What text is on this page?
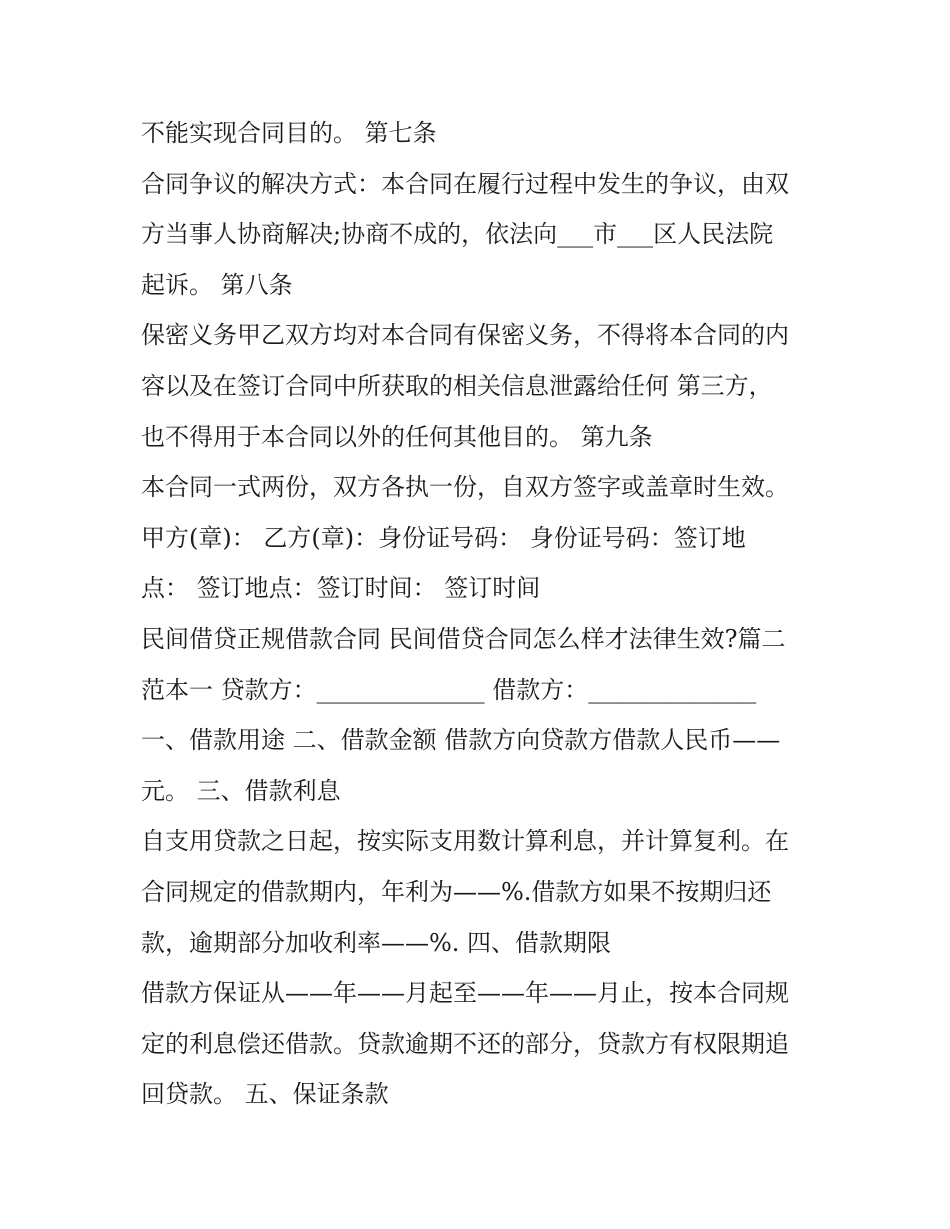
不能实现合同目的。 第七条
合同争议的解决方式：本合同在履行过程中发生的争议，由双
方当事人协商解决;协商不成的，依法向___市___区人民法院
起诉。 第八条
保密义务甲乙双方均对本合同有保密义务，不得将本合同的内
容以及在签订合同中所获取的相关信息泄露给任何 第三方，
也不得用于本合同以外的任何其他目的。 第九条
本合同一式两份，双方各执一份，自双方签字或盖章时生效。
甲方(章)： 乙方(章)：身份证号码： 身份证号码：签订地
点： 签订地点：签订时间： 签订时间
民间借贷正规借款合同 民间借贷合同怎么样才法律生效?篇二
范本一 贷款方：______________ 借款方：______________
一、借款用途 二、借款金额 借款方向贷款方借款人民币——
元。 三、借款利息
自支用贷款之日起，按实际支用数计算利息，并计算复利。在
合同规定的借款期内，年利为——%.借款方如果不按期归还
款，逾期部分加收利率——%. 四、借款期限
借款方保证从——年——月起至——年——月止，按本合同规
定的利息偿还借款。贷款逾期不还的部分，贷款方有权限期追
回贷款。 五、保证条款
